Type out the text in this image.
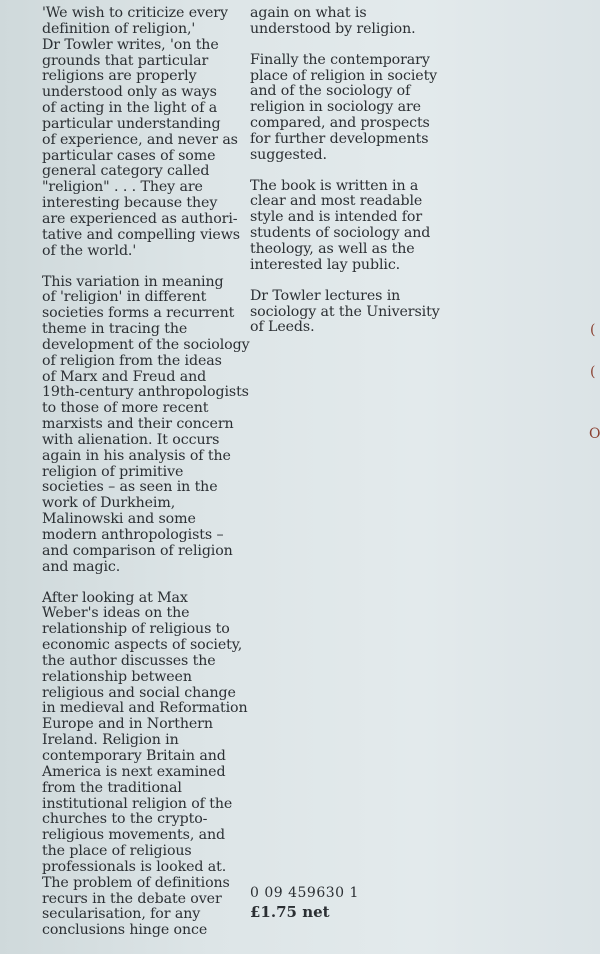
'We wish to criticize every
definition of religion,'
Dr Towler writes, 'on the
grounds that particular
religions are properly
understood only as ways
of acting in the light of a
particular understanding
of experience, and never as
particular cases of some
general category called
"religion" . . . They are
interesting because they
are experienced as authori-
tative and compelling views
of the world.'
This variation in meaning
of 'religion' in different
societies forms a recurrent
theme in tracing the
development of the sociology
of religion from the ideas
of Marx and Freud and
19th-century anthropologists
to those of more recent
marxists and their concern
with alienation. It occurs
again in his analysis of the
religion of primitive
societies – as seen in the
work of Durkheim,
Malinowski and some
modern anthropologists –
and comparison of religion
and magic.
After looking at Max
Weber's ideas on the
relationship of religious to
economic aspects of society,
the author discusses the
relationship between
religious and social change
in medieval and Reformation
Europe and in Northern
Ireland. Religion in
contemporary Britain and
America is next examined
from the traditional
institutional religion of the
churches to the crypto-
religious movements, and
the place of religious
professionals is looked at.
The problem of definitions
recurs in the debate over
secularisation, for any
conclusions hinge once
again on what is
understood by religion.
Finally the contemporary
place of religion in society
and of the sociology of
religion in sociology are
compared, and prospects
for further developments
suggested.
The book is written in a
clear and most readable
style and is intended for
students of sociology and
theology, as well as the
interested lay public.
Dr Towler lectures in
sociology at the University
of Leeds.
0 09 459630 1
£1.75 net
(
(
O
